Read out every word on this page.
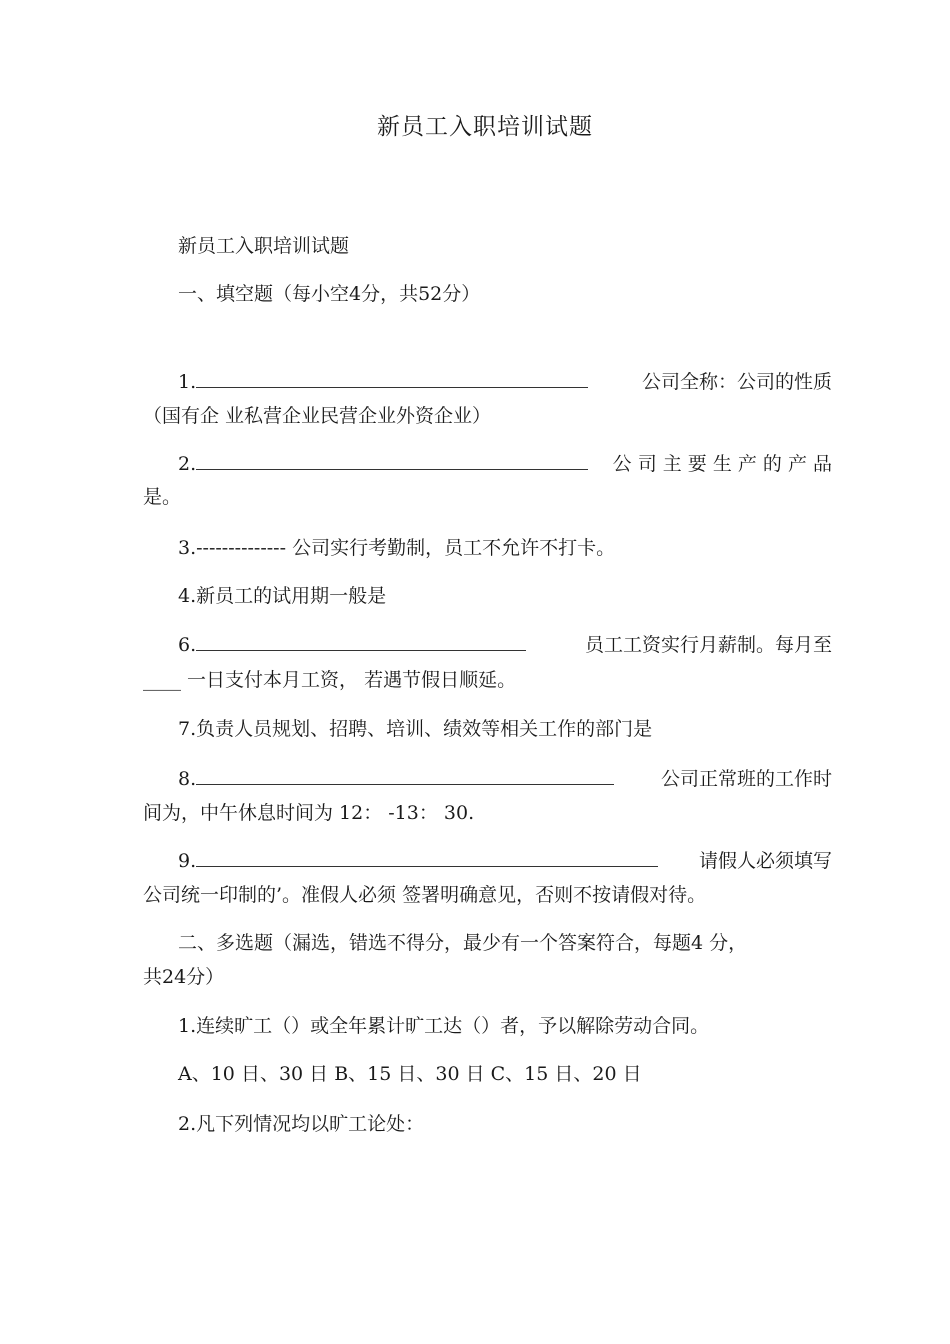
新员工入职培训试题
新员工入职培训试题
一、填空题（每小空4分，共52分）
1.	公司全称：公司的性质
（国有企 业私营企业民营企业外资企业）
2.	公 司 主 要 生 产 的 产 品
是。
3.-------------- 公司实行考勤制，员工不允许不打卡。
4.新员工的试用期一般是
6.	员工工资实行月薪制。每月至
____ 一日支付本月工资， 若遇节假日顺延。
7.负责人员规划、招聘、培训、绩效等相关工作的部门是
8.	公司正常班的工作时
间为，中午休息时间为 12： -13： 30.
9.	请假人必须填写
公司统一印制的’。准假人必须 签署明确意见，否则不按请假对待。
二、多选题（漏选，错选不得分，最少有一个答案符合，每题4 分，
共24分）
1.连续旷工（）或全年累计旷工达（）者，予以解除劳动合同。
A、10 日、30 日 B、15 日、30 日 C、15 日、20 日
2.凡下列情况均以旷工论处：
